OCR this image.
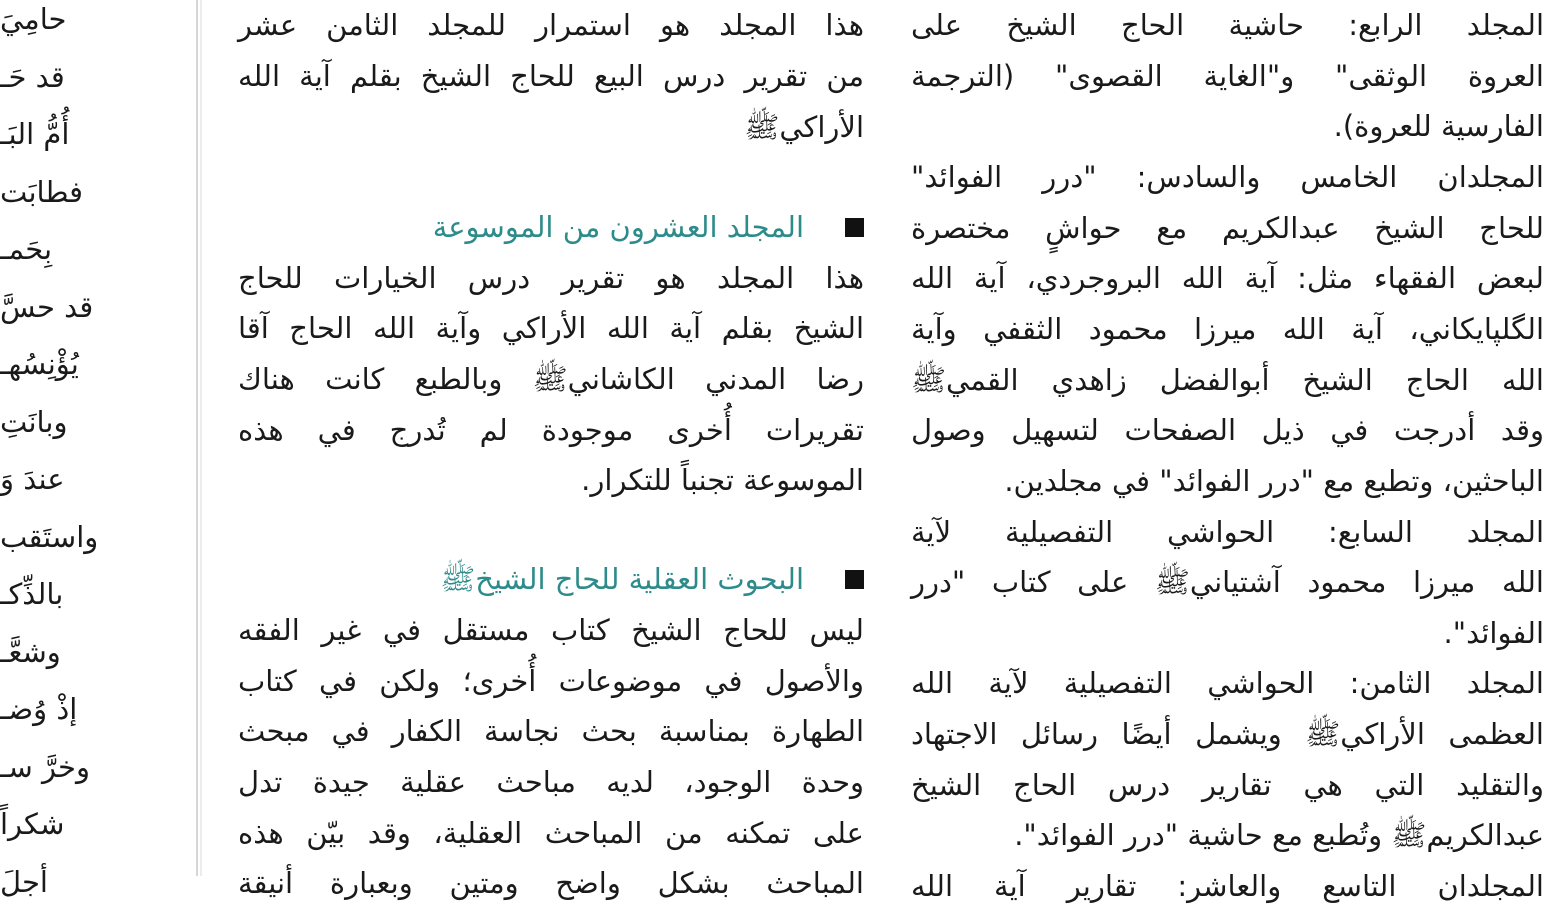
حامِيَ
قد حَـ
أُمُّ البَـ
فطابَت
بِحَمـ
قد حسَّ
يُؤْنِسُهـ
وبانَتِ
عندَ وَ
واستَقب
بالذِّكـ
وشعَّـ
إذْ وُضـ
وخرَّ سـ
شكراً
أجلَ
هذا المجلد هو استمرار للمجلد الثامن عشر
من تقرير درس البيع للحاج الشيخ بقلم آية الله
الأراكيﷺ
المجلد العشرون من الموسوعة
هذا المجلد هو تقرير درس الخيارات للحاج
الشيخ بقلم آية الله الأراكي وآية الله الحاج آقا
رضا المدني الكاشانيﷺ وبالطبع كانت هناك
تقريرات أُخرى موجودة لم تُدرج في هذه
الموسوعة تجنباً للتكرار.
البحوث العقلية للحاج الشيخﷺ
ليس للحاج الشيخ كتاب مستقل في غير الفقه
والأصول في موضوعات أُخرى؛ ولكن في كتاب
الطهارة بمناسبة بحث نجاسة الكفار في مبحث
وحدة الوجود، لديه مباحث عقلية جيدة تدل
على تمكنه من المباحث العقلية، وقد بيّن هذه
المباحث بشكل واضح ومتين وبعبارة أنيقة
المجلد الرابع: حاشية الحاج الشيخ على
العروة الوثقى" و"الغاية القصوى" (الترجمة
الفارسية للعروة).
المجلدان الخامس والسادس: "درر الفوائد"
للحاج الشيخ عبدالكريم مع حواشٍ مختصرة
لبعض الفقهاء مثل: آية الله البروجردي، آية الله
الگلپايكاني، آية الله ميرزا محمود الثقفي وآية
الله الحاج الشيخ أبوالفضل زاهدي القميﷺ
وقد أدرجت في ذيل الصفحات لتسهيل وصول
الباحثين، وتطبع مع "درر الفوائد" في مجلدين.
المجلد السابع: الحواشي التفصيلية لآية
الله ميرزا محمود آشتيانيﷺ على كتاب "درر
الفوائد".
المجلد الثامن: الحواشي التفصيلية لآية الله
العظمى الأراكيﷺ ويشمل أيضًا رسائل الاجتهاد
والتقليد التي هي تقارير درس الحاج الشيخ
عبدالكريمﷺ وتُطبع مع حاشية "درر الفوائد".
المجلدان التاسع والعاشر: تقارير آية الله
